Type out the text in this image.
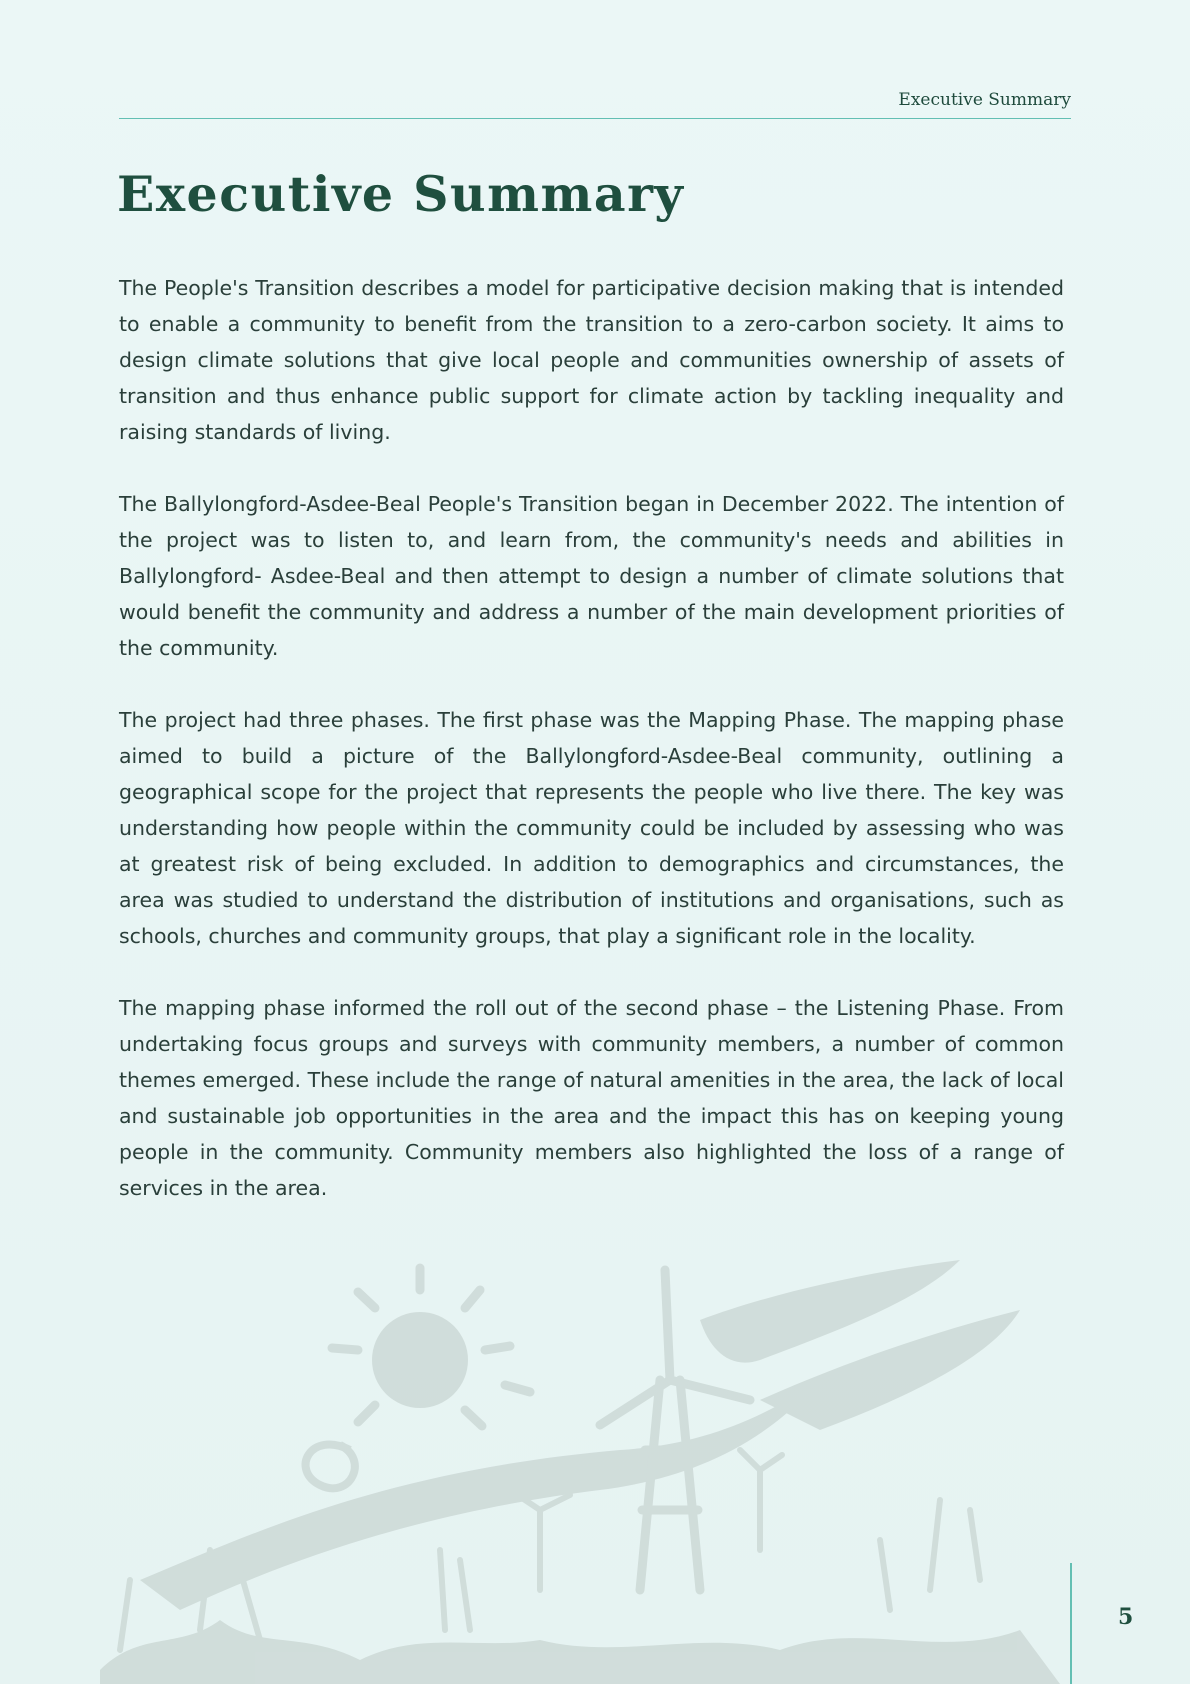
Executive Summary
Executive Summary

The People's Transition describes a model for participative decision making that is intended to enable a community to benefit from the transition to a zero-carbon society. It aims to design climate solutions that give local people and communities ownership of assets of transition and thus enhance public support for climate action by tackling inequality and raising standards of living.

The Ballylongford-Asdee-Beal People's Transition began in December 2022. The intention of the project was to listen to, and learn from, the community's needs and abilities in Ballylongford- Asdee-Beal and then attempt to design a number of climate solutions that would benefit the community and address a number of the main development priorities of the community.

The project had three phases. The first phase was the Mapping Phase. The mapping phase aimed to build a picture of the Ballylongford-Asdee-Beal community, outlining a geographical scope for the project that represents the people who live there. The key was understanding how people within the community could be included by assessing who was at greatest risk of being excluded. In addition to demographics and circumstances, the area was studied to understand the distribution of institutions and organisations, such as schools, churches and community groups, that play a significant role in the locality.

The mapping phase informed the roll out of the second phase – the Listening Phase. From undertaking focus groups and surveys with community members, a number of common themes emerged. These include the range of natural amenities in the area, the lack of local and sustainable job opportunities in the area and the impact this has on keeping young people in the community. Community members also highlighted the loss of a range of services in the area.

5
